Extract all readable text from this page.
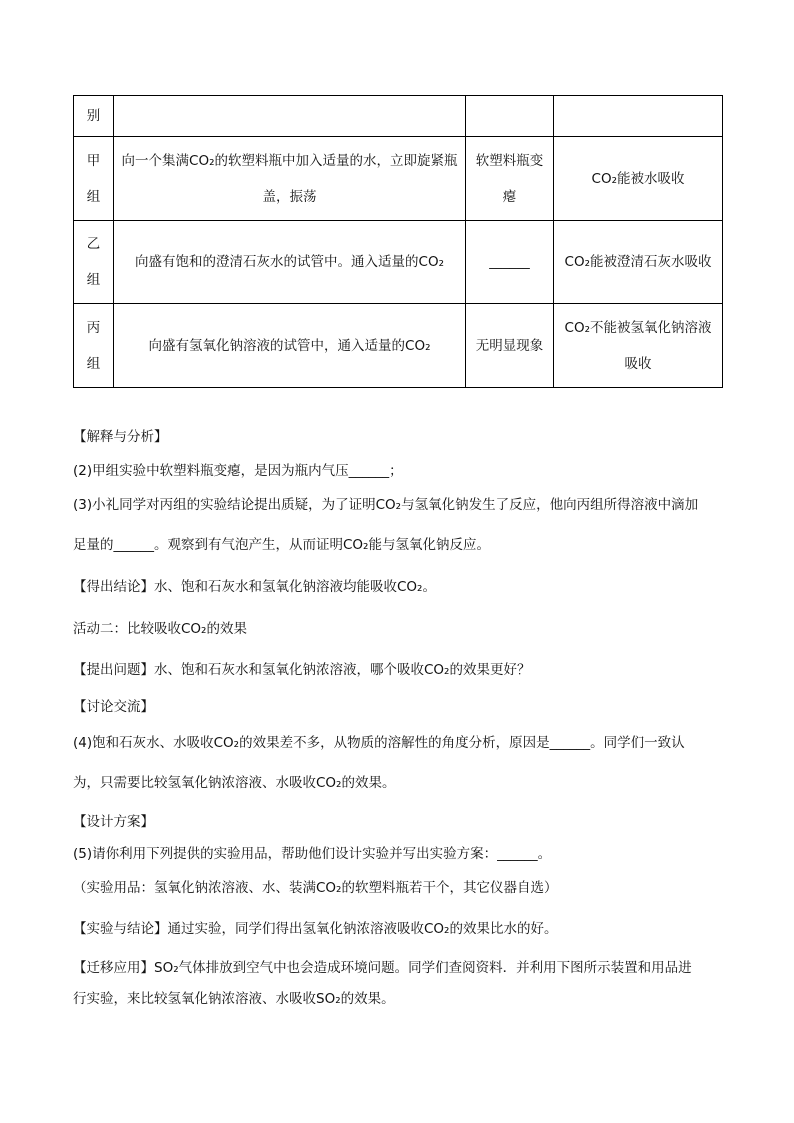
别			
甲组	向一个集满CO₂的软塑料瓶中加入适量的水，立即旋紧瓶盖，振荡	软塑料瓶变瘪	CO₂能被水吸收
乙组	向盛有饱和的澄清石灰水的试管中。通入适量的CO₂	______	CO₂能被澄清石灰水吸收

丙组	向盛有氢氧化钠溶液的试管中，通入适量的CO₂	无明显现象	CO₂不能被氢氧化钠溶液吸收
【解释与分析】
(2)甲组实验中软塑料瓶变瘪，是因为瓶内气压______；
(3)小礼同学对丙组的实验结论提出质疑，为了证明CO₂与氢氧化钠发生了反应，他向丙组所得溶液中滴加
足量的______。观察到有气泡产生，从而证明CO₂能与氢氧化钠反应。
【得出结论】水、饱和石灰水和氢氧化钠溶液均能吸收CO₂。
活动二：比较吸收CO₂的效果
【提出问题】水、饱和石灰水和氢氧化钠浓溶液，哪个吸收CO₂的效果更好？
【讨论交流】
(4)饱和石灰水、水吸收CO₂的效果差不多，从物质的溶解性的角度分析，原因是______。同学们一致认
为，只需要比较氢氧化钠浓溶液、水吸收CO₂的效果。
【设计方案】
(5)请你利用下列提供的实验用品，帮助他们设计实验并写出实验方案：______。
（实验用品：氢氧化钠浓溶液、水、装满CO₂的软塑料瓶若干个，其它仪器自选）
【实验与结论】通过实验，同学们得出氢氧化钠浓溶液吸收CO₂的效果比水的好。
【迁移应用】SO₂气体排放到空气中也会造成环境问题。同学们查阅资料．并利用下图所示装置和用品进
行实验，来比较氢氧化钠浓溶液、水吸收SO₂的效果。
